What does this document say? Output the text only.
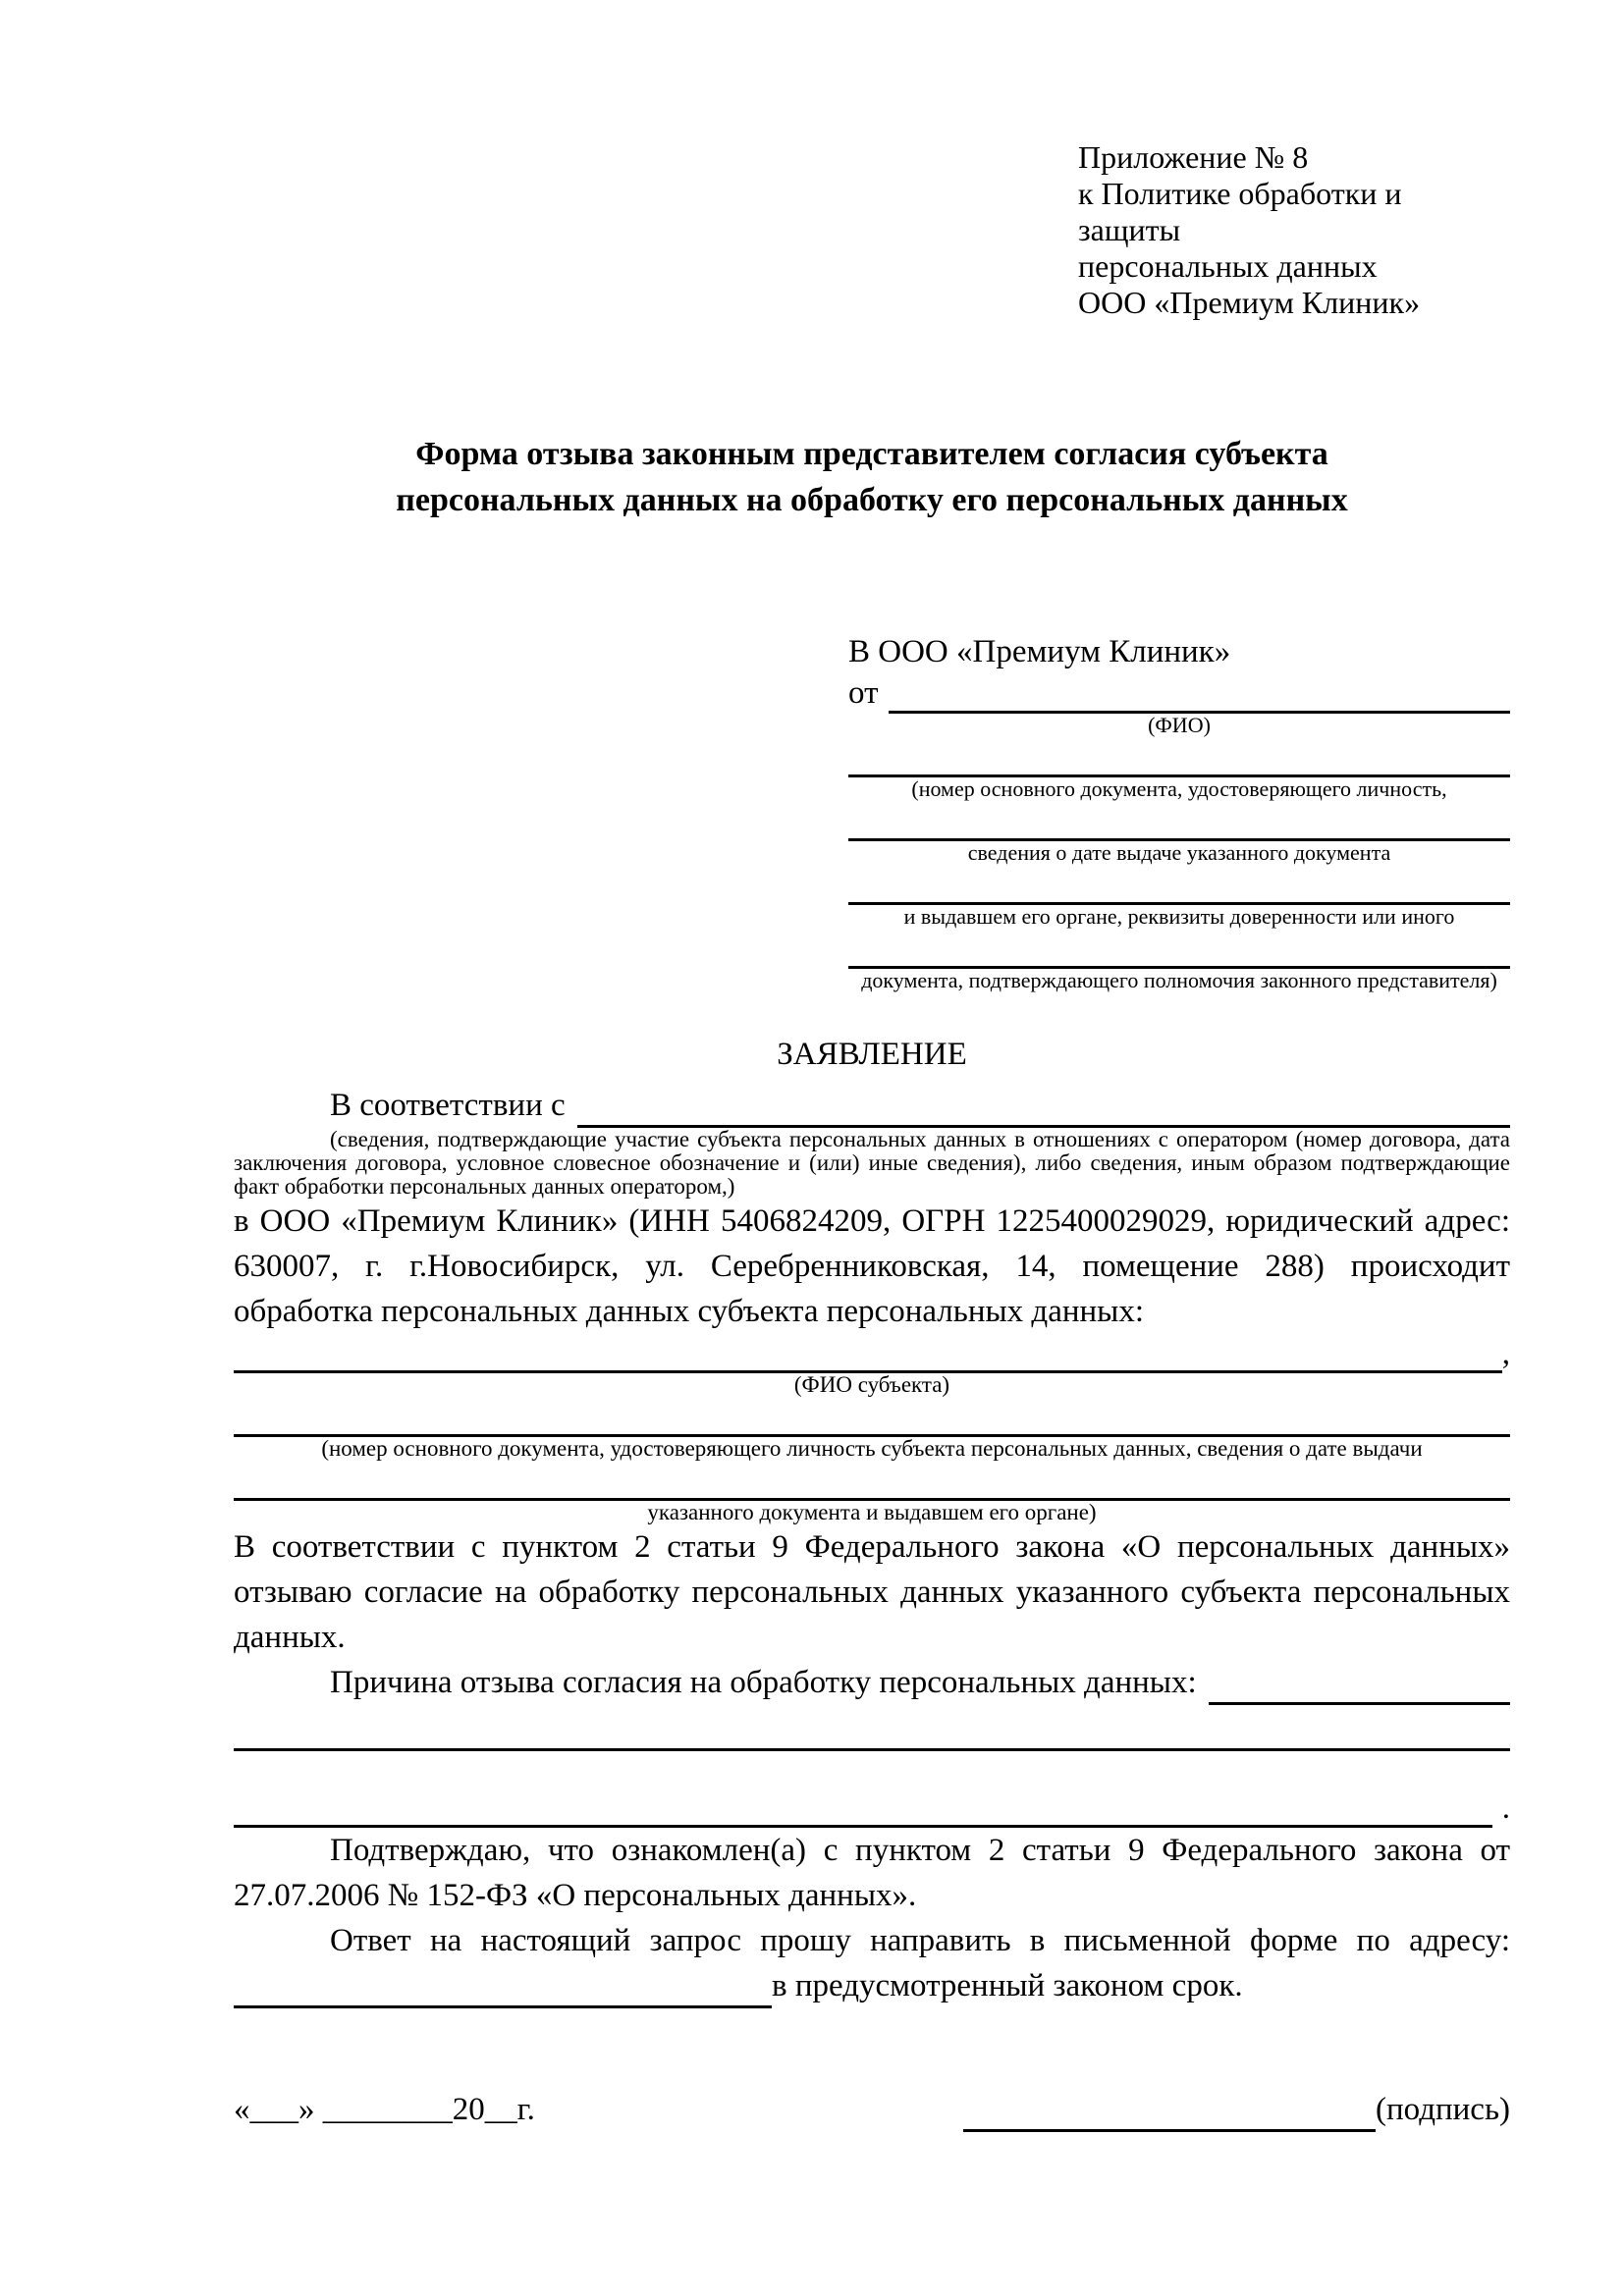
Приложение № 8
к Политике обработки и защиты
персональных данных
ООО «Премиум Клиник»
Форма отзыва законным представителем согласия субъекта
персональных данных на обработку его персональных данных
В ООО «Премиум Клиник»
от
(ФИО)
(номер основного документа, удостоверяющего личность,
сведения о дате выдаче указанного документа
и выдавшем его органе, реквизиты доверенности или иного
документа, подтверждающего полномочия законного представителя)
ЗАЯВЛЕНИЕ
В соответствии с
(сведения, подтверждающие участие субъекта персональных данных в отношениях с оператором (номер договора, дата заключения договора, условное словесное обозначение и (или) иные сведения), либо сведения, иным образом подтверждающие факт обработки персональных данных оператором,)
в ООО «Премиум Клиник» (ИНН 5406824209, ОГРН 1225400029029, юридический адрес: 630007, г. г.Новосибирск, ул. Серебренниковская, 14, помещение 288) происходит обработка персональных данных субъекта персональных данных:
,
(ФИО субъекта)
(номер основного документа, удостоверяющего личность субъекта персональных данных, сведения о дате выдачи
указанного документа и выдавшем его органе)
В соответствии с пунктом 2 статьи 9 Федерального закона «О персональных данных» отзываю согласие на обработку персональных данных указанного субъекта персональных данных.
Причина отзыва согласия на обработку персональных данных:
.
Подтверждаю, что ознакомлен(а) с пунктом 2 статьи 9 Федерального закона от 27.07.2006 № 152-ФЗ «О персональных данных».
Ответ на настоящий запрос прошу направить в письменной форме по адресу:
в предусмотренный законом срок.
«___» ________20__г.	(подпись)
